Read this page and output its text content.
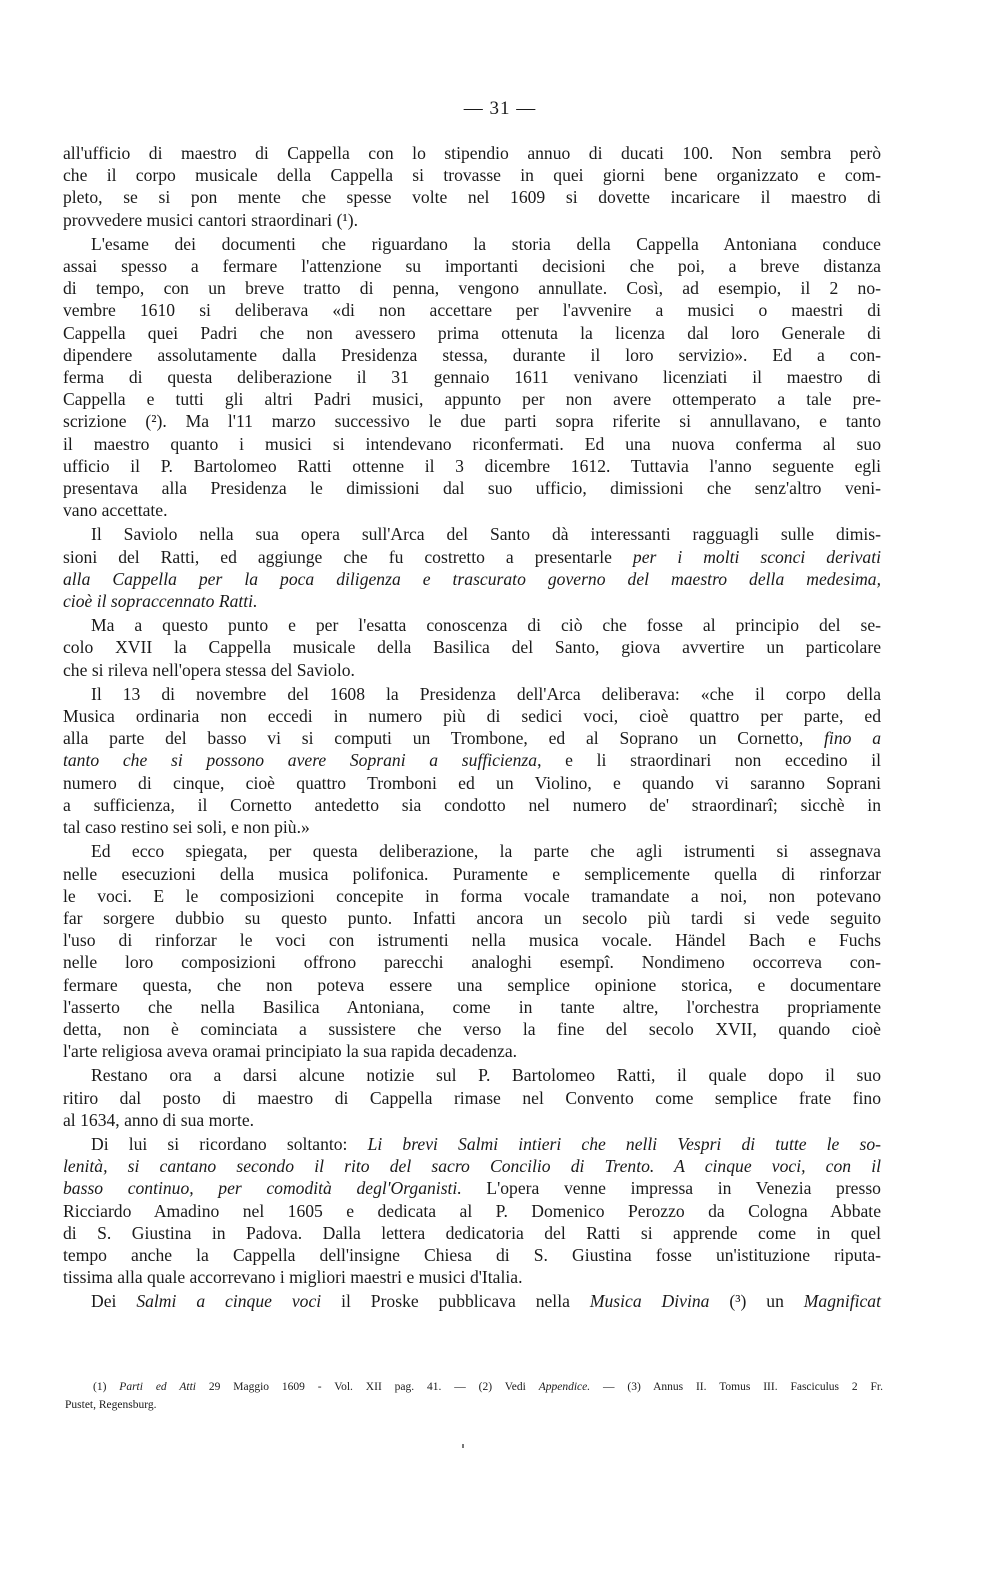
— 31 —

all'ufficio di maestro di Cappella con lo stipendio annuo di ducati 100. Non sembra però
che il corpo musicale della Cappella si trovasse in quei giorni bene organizzato e com-
pleto, se si pon mente che spesse volte nel 1609 si dovette incaricare il maestro di
provvedere musici cantori straordinari (¹).

L'esame dei documenti che riguardano la storia della Cappella Antoniana conduce
assai spesso a fermare l'attenzione su importanti decisioni che poi, a breve distanza
di tempo, con un breve tratto di penna, vengono annullate. Così, ad esempio, il 2 no-
vembre 1610 si deliberava «di non accettare per l'avvenire a musici o maestri di
Cappella quei Padri che non avessero prima ottenuta la licenza dal loro Generale di
dipendere assolutamente dalla Presidenza stessa, durante il loro servizio». Ed a con-
ferma di questa deliberazione il 31 gennaio 1611 venivano licenziati il maestro di
Cappella e tutti gli altri Padri musici, appunto per non avere ottemperato a tale pre-
scrizione (²). Ma l'11 marzo successivo le due parti sopra riferite si annullavano, e tanto
il maestro quanto i musici si intendevano riconfermati. Ed una nuova conferma al suo
ufficio il P. Bartolomeo Ratti ottenne il 3 dicembre 1612. Tuttavia l'anno seguente egli
presentava alla Presidenza le dimissioni dal suo ufficio, dimissioni che senz'altro veni-
vano accettate.

Il Saviolo nella sua opera sull'Arca del Santo dà interessanti ragguagli sulle dimis-
sioni del Ratti, ed aggiunge che fu costretto a presentarle per i molti sconci derivati
alla Cappella per la poca diligenza e trascurato governo del maestro della medesima,
cioè il sopraccennato Ratti.

Ma a questo punto e per l'esatta conoscenza di ciò che fosse al principio del se-
colo XVII la Cappella musicale della Basilica del Santo, giova avvertire un particolare
che si rileva nell'opera stessa del Saviolo.

Il 13 di novembre del 1608 la Presidenza dell'Arca deliberava: «che il corpo della
Musica ordinaria non eccedi in numero più di sedici voci, cioè quattro per parte, ed
alla parte del basso vi si computi un Trombone, ed al Soprano un Cornetto, fino a
tanto che si possono avere Soprani a sufficienza, e li straordinari non eccedino il
numero di cinque, cioè quattro Tromboni ed un Violino, e quando vi saranno Soprani
a sufficienza, il Cornetto antedetto sia condotto nel numero de' straordinarî; sicchè in
tal caso restino sei soli, e non più.»

Ed ecco spiegata, per questa deliberazione, la parte che agli istrumenti si assegnava
nelle esecuzioni della musica polifonica. Puramente e semplicemente quella di rinforzar
le voci. E le composizioni concepite in forma vocale tramandate a noi, non potevano
far sorgere dubbio su questo punto. Infatti ancora un secolo più tardi si vede seguito
l'uso di rinforzar le voci con istrumenti nella musica vocale. Händel Bach e Fuchs
nelle loro composizioni offrono parecchi analoghi esempî. Nondimeno occorreva con-
fermare questa, che non poteva essere una semplice opinione storica, e documentare
l'asserto che nella Basilica Antoniana, come in tante altre, l'orchestra propriamente
detta, non è cominciata a sussistere che verso la fine del secolo XVII, quando cioè
l'arte religiosa aveva oramai principiato la sua rapida decadenza.

Restano ora a darsi alcune notizie sul P. Bartolomeo Ratti, il quale dopo il suo
ritiro dal posto di maestro di Cappella rimase nel Convento come semplice frate fino
al 1634, anno di sua morte.

Di lui si ricordano soltanto: Li brevi Salmi intieri che nelli Vespri di tutte le so-
lenità, si cantano secondo il rito del sacro Concilio di Trento. A cinque voci, con il
basso continuo, per comodità degl'Organisti. L'opera venne impressa in Venezia presso
Ricciardo Amadino nel 1605 e dedicata al P. Domenico Perozzo da Cologna Abbate
di S. Giustina in Padova. Dalla lettera dedicatoria del Ratti si apprende come in quel
tempo anche la Cappella dell'insigne Chiesa di S. Giustina fosse un'istituzione riputa-
tissima alla quale accorrevano i migliori maestri e musici d'Italia.

Dei Salmi a cinque voci il Proske pubblicava nella Musica Divina (³) un Magnificat

(1) Parti ed Atti 29 Maggio 1609 - Vol. XII pag. 41. — (2) Vedi Appendice. — (3) Annus II. Tomus III. Fasciculus 2 Fr.
Pustet, Regensburg.
